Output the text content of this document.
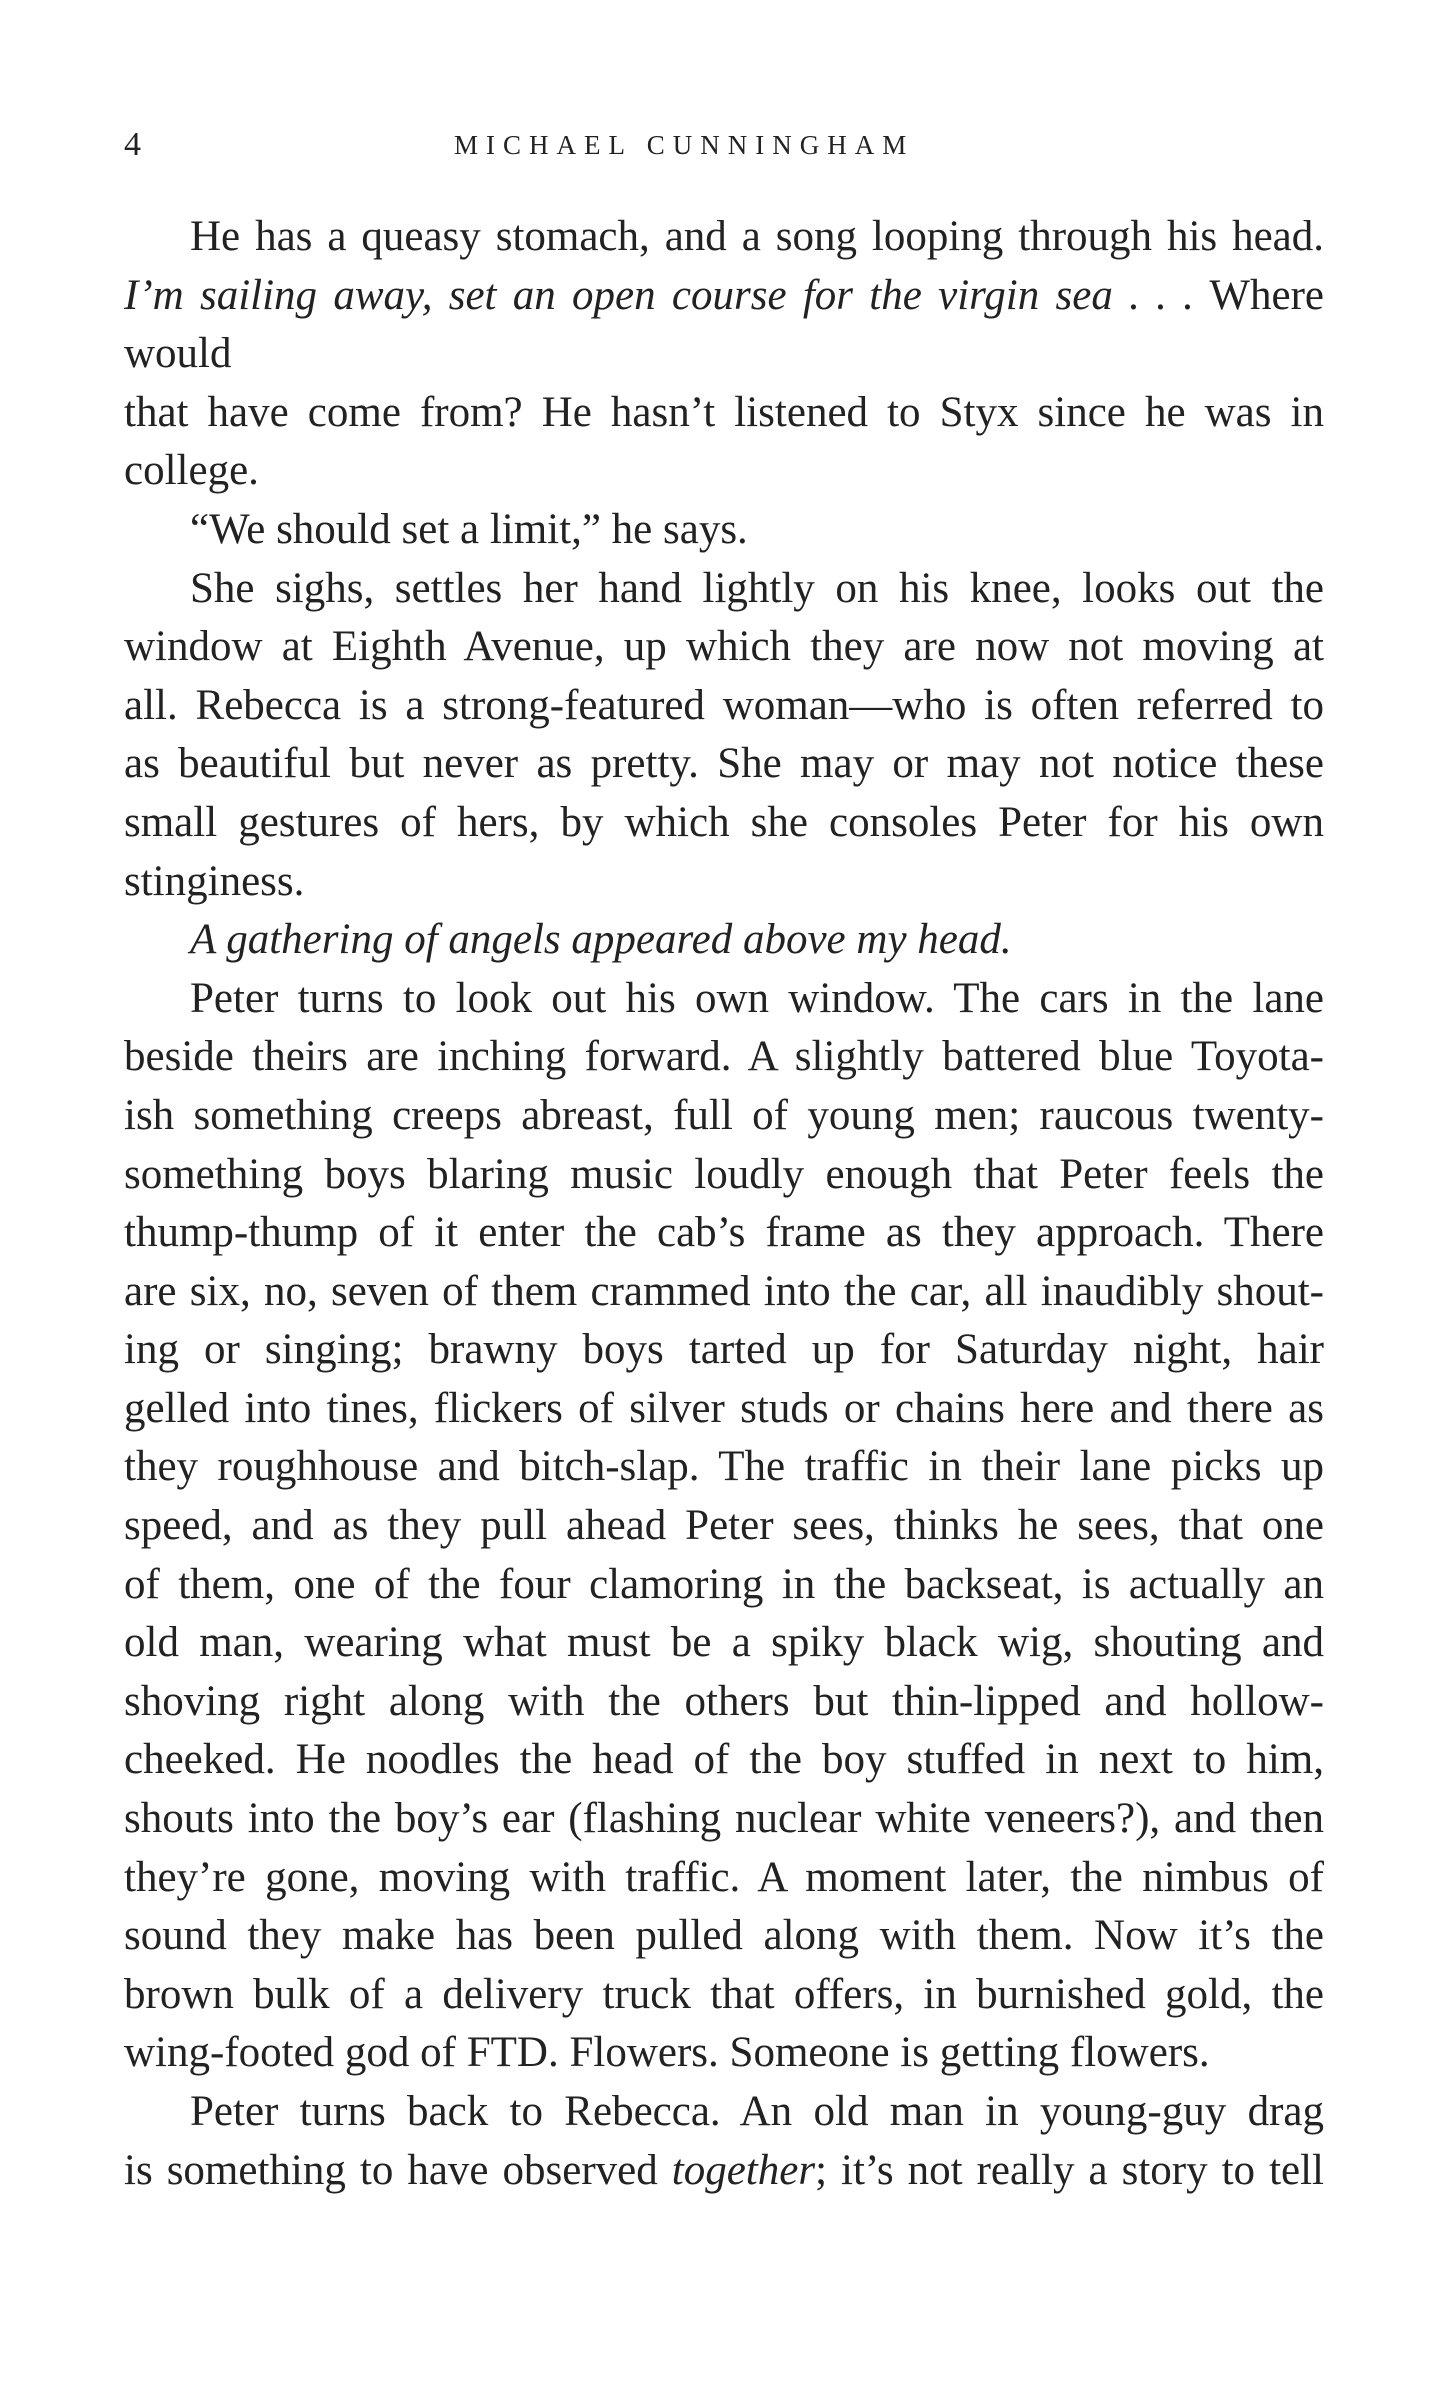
4	MICHAEL CUNNINGHAM
He has a queasy stomach, and a song looping through his head.
I’m sailing away, set an open course for the virgin sea . . . Where would
that have come from? He hasn’t listened to Styx since he was in
college.
“We should set a limit,” he says.
She sighs, settles her hand lightly on his knee, looks out the
window at Eighth Avenue, up which they are now not moving at
all. Rebecca is a strong-featured woman—who is often referred to
as beautiful but never as pretty. She may or may not notice these
small gestures of hers, by which she consoles Peter for his own
stinginess.
A gathering of angels appeared above my head.
Peter turns to look out his own window. The cars in the lane
beside theirs are inching forward. A slightly battered blue Toyota-
ish something creeps abreast, full of young men; raucous twenty-
something boys blaring music loudly enough that Peter feels the
thump-thump of it enter the cab’s frame as they approach. There
are six, no, seven of them crammed into the car, all inaudibly shout-
ing or singing; brawny boys tarted up for Saturday night, hair
gelled into tines, flickers of silver studs or chains here and there as
they roughhouse and bitch-slap. The traffic in their lane picks up
speed, and as they pull ahead Peter sees, thinks he sees, that one
of them, one of the four clamoring in the backseat, is actually an
old man, wearing what must be a spiky black wig, shouting and
shoving right along with the others but thin-lipped and hollow-
cheeked. He noodles the head of the boy stuffed in next to him,
shouts into the boy’s ear (flashing nuclear white veneers?), and then
they’re gone, moving with traffic. A moment later, the nimbus of
sound they make has been pulled along with them. Now it’s the
brown bulk of a delivery truck that offers, in burnished gold, the
wing-footed god of FTD. Flowers. Someone is getting flowers.
Peter turns back to Rebecca. An old man in young-guy drag
is something to have observed together; it’s not really a story to tell
